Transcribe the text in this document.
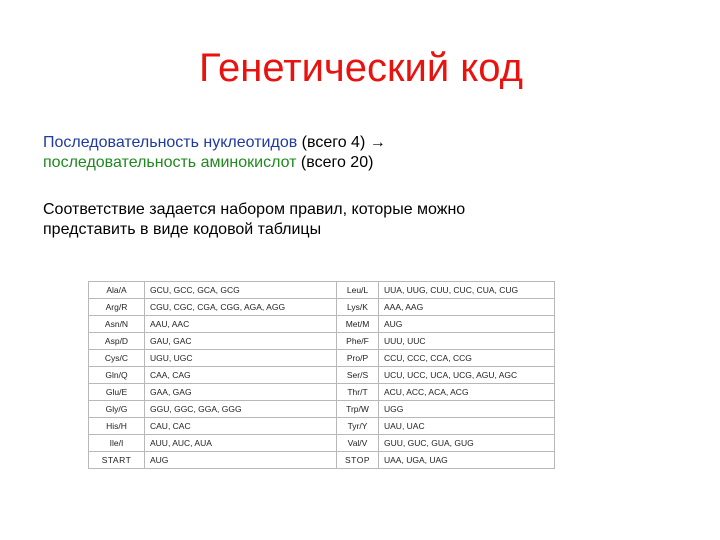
Генетический код
Последовательность нуклеотидов (всего 4) →
последовательность аминокислот (всего 20)
Соответствие задается набором правил, которые можно
представить в виде кодовой таблицы
Ala/A	GCU, GCC, GCA, GCG	Leu/L	UUA, UUG, CUU, CUC, CUA, CUG
Arg/R	CGU, CGC, CGA, CGG, AGA, AGG	Lys/K	AAA, AAG
Asn/N	AAU, AAC	Met/M	AUG
Asp/D	GAU, GAC	Phe/F	UUU, UUC
Cys/C	UGU, UGC	Pro/P	CCU, CCC, CCA, CCG
Gln/Q	CAA, CAG	Ser/S	UCU, UCC, UCA, UCG, AGU, AGC
Glu/E	GAA, GAG	Thr/T	ACU, ACC, ACA, ACG
Gly/G	GGU, GGC, GGA, GGG	Trp/W	UGG
His/H	CAU, CAC	Tyr/Y	UAU, UAC
Ile/I	AUU, AUC, AUA	Val/V	GUU, GUC, GUA, GUG
START	AUG	STOP	UAA, UGA, UAG
